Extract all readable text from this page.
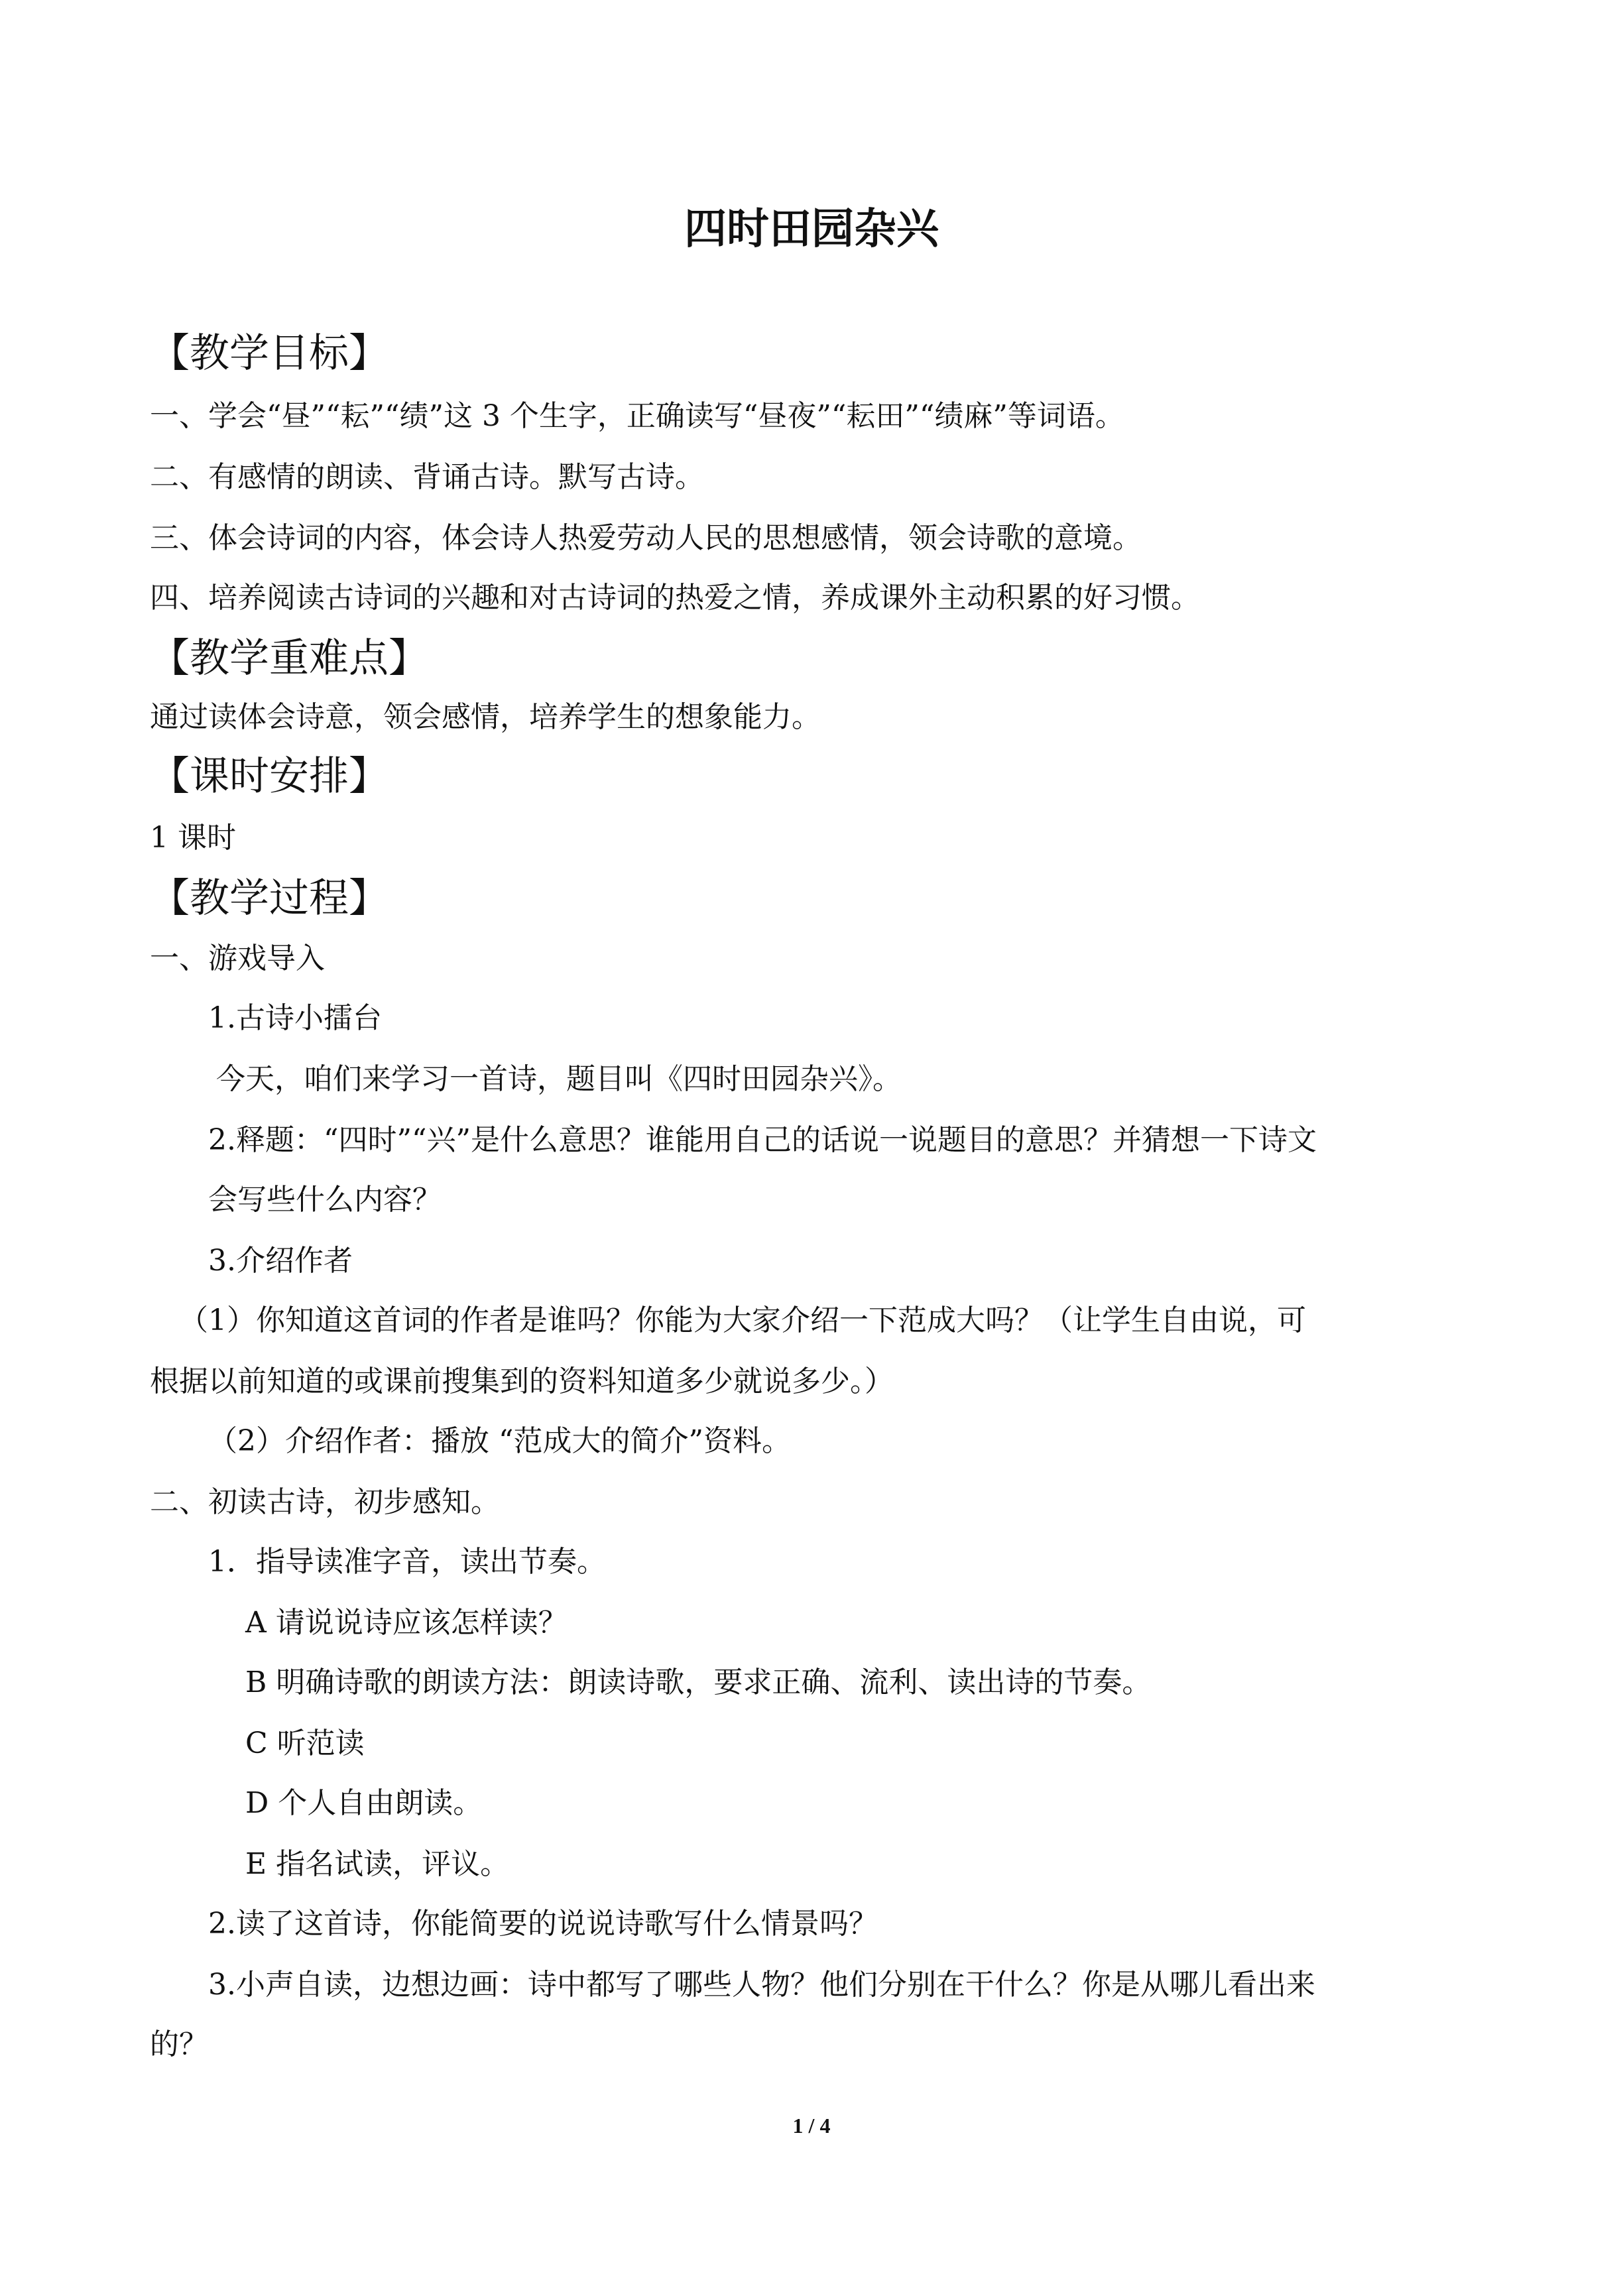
四时田园杂兴
【教学目标】
一、学会“昼”“耘”“绩”这 3 个生字，正确读写“昼夜”“耘田”“绩麻”等词语。
二、有感情的朗读、背诵古诗。默写古诗。
三、体会诗词的内容，体会诗人热爱劳动人民的思想感情，领会诗歌的意境。
四、培养阅读古诗词的兴趣和对古诗词的热爱之情，养成课外主动积累的好习惯。
【教学重难点】
通过读体会诗意，领会感情，培养学生的想象能力。
【课时安排】
1 课时
【教学过程】
一、游戏导入
1.古诗小擂台
今天，咱们来学习一首诗，题目叫《四时田园杂兴》。
2.释题：“四时”“兴”是什么意思？谁能用自己的话说一说题目的意思？并猜想一下诗文
会写些什么内容？
3.介绍作者
（1）你知道这首词的作者是谁吗？你能为大家介绍一下范成大吗？（让学生自由说，可
根据以前知道的或课前搜集到的资料知道多少就说多少。）
（2）介绍作者：播放 “范成大的简介”资料。
二、初读古诗，初步感知。
1．指导读准字音，读出节奏。
A 请说说诗应该怎样读？
B 明确诗歌的朗读方法：朗读诗歌，要求正确、流利、读出诗的节奏。
C 听范读
D 个人自由朗读。
E 指名试读，评议。
2.读了这首诗，你能简要的说说诗歌写什么情景吗？
3.小声自读，边想边画：诗中都写了哪些人物？他们分别在干什么？你是从哪儿看出来
的？
1 / 4
